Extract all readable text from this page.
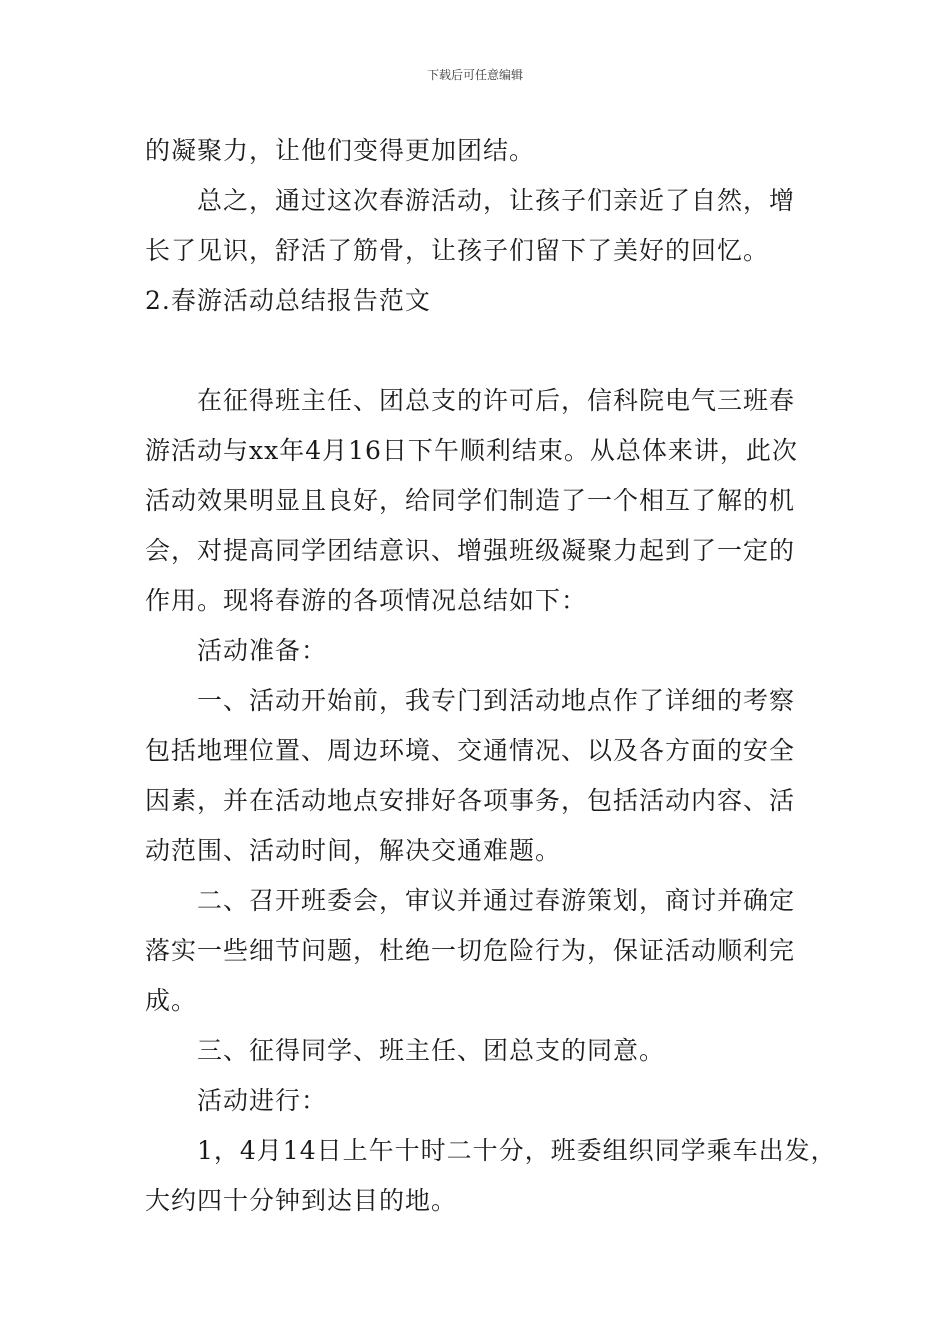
下载后可任意编辑
的凝聚力，让他们变得更加团结。
总之，通过这次春游活动，让孩子们亲近了自然，增
长了见识，舒活了筋骨，让孩子们留下了美好的回忆。
2.春游活动总结报告范文
在征得班主任、团总支的许可后，信科院电气三班春
游活动与xx年4月16日下午顺利结束。从总体来讲，此次
活动效果明显且良好，给同学们制造了一个相互了解的机
会，对提高同学团结意识、增强班级凝聚力起到了一定的
作用。现将春游的各项情况总结如下：
活动准备：
一、活动开始前，我专门到活动地点作了详细的考察
包括地理位置、周边环境、交通情况、以及各方面的安全
因素，并在活动地点安排好各项事务，包括活动内容、活
动范围、活动时间，解决交通难题。
二、召开班委会，审议并通过春游策划，商讨并确定
落实一些细节问题，杜绝一切危险行为，保证活动顺利完
成。
三、征得同学、班主任、团总支的同意。
活动进行：
1，4月14日上午十时二十分，班委组织同学乘车出发，
大约四十分钟到达目的地。
